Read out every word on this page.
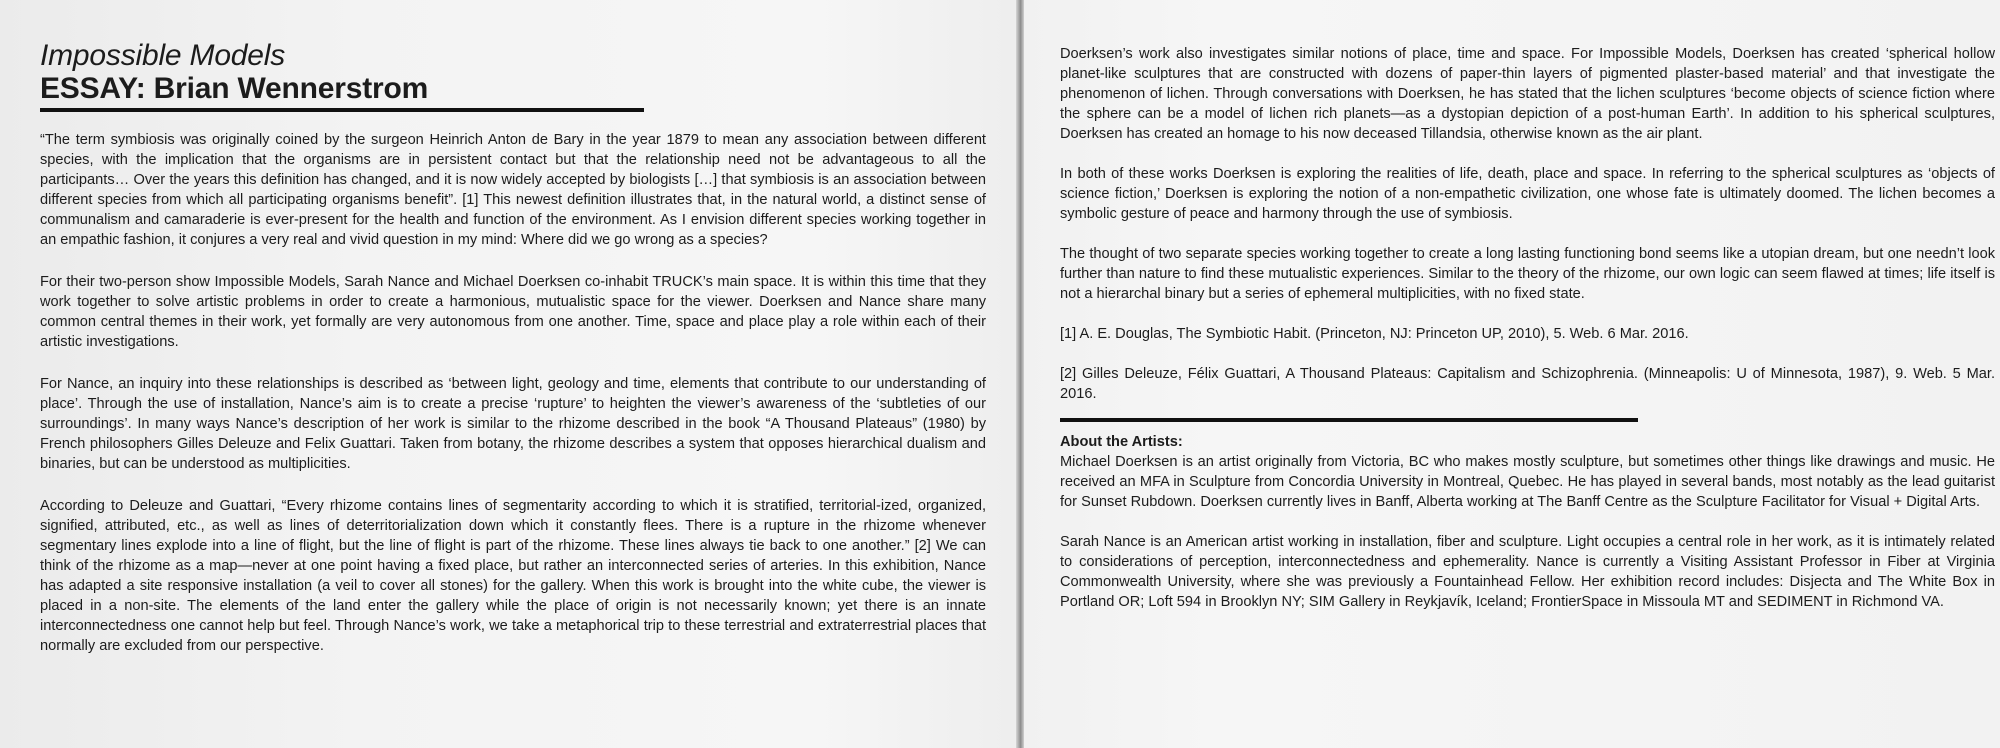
Impossible Models
ESSAY: Brian Wennerstrom

“The term symbiosis was originally coined by the surgeon Heinrich Anton de Bary in the year 1879 to mean any association between different species, with the implication that the organisms are in persistent contact but that the relationship need not be advantageous to all the participants… Over the years this definition has changed, and it is now widely accepted by biologists […] that symbiosis is an association between different species from which all participating organisms benefit”. [1] This newest definition illustrates that, in the natural world, a distinct sense of communalism and camaraderie is ever-present for the health and function of the environment. As I envision different species working together in an empathic fashion, it conjures a very real and vivid question in my mind: Where did we go wrong as a species?

For their two-person show Impossible Models, Sarah Nance and Michael Doerksen co-inhabit TRUCK’s main space. It is within this time that they work together to solve artistic problems in order to create a harmonious, mutualistic space for the viewer. Doerksen and Nance share many common central themes in their work, yet formally are very autonomous from one another. Time, space and place play a role within each of their artistic investigations.

For Nance, an inquiry into these relationships is described as ‘between light, geology and time, elements that contribute to our understanding of place’. Through the use of installation, Nance’s aim is to create a precise ‘rupture’ to heighten the viewer’s awareness of the ‘subtleties of our surroundings’. In many ways Nance’s description of her work is similar to the rhizome described in the book “A Thousand Plateaus” (1980) by French philosophers Gilles Deleuze and Felix Guattari. Taken from botany, the rhizome describes a system that opposes hierarchical dualism and binaries, but can be understood as multiplicities.

According to Deleuze and Guattari, “Every rhizome contains lines of segmentarity according to which it is stratified, territorial-ized, organized, signified, attributed, etc., as well as lines of deterritorialization down which it constantly flees. There is a rupture in the rhizome whenever segmentary lines explode into a line of flight, but the line of flight is part of the rhizome. These lines always tie back to one another.” [2] We can think of the rhizome as a map—never at one point having a fixed place, but rather an interconnected series of arteries. In this exhibition, Nance has adapted a site responsive installation (a veil to cover all stones) for the gallery. When this work is brought into the white cube, the viewer is placed in a non-site. The elements of the land enter the gallery while the place of origin is not necessarily known; yet there is an innate interconnectedness one cannot help but feel. Through Nance’s work, we take a metaphorical trip to these terrestrial and extraterrestrial places that normally are excluded from our perspective.

Doerksen’s work also investigates similar notions of place, time and space. For Impossible Models, Doerksen has created ‘spherical hollow planet-like sculptures that are constructed with dozens of paper-thin layers of pigmented plaster-based material’ and that investigate the phenomenon of lichen. Through conversations with Doerksen, he has stated that the lichen sculptures ‘become objects of science fiction where the sphere can be a model of lichen rich planets—as a dystopian depiction of a post-human Earth’. In addition to his spherical sculptures, Doerksen has created an homage to his now deceased Tillandsia, otherwise known as the air plant.

In both of these works Doerksen is exploring the realities of life, death, place and space. In referring to the spherical sculptures as ‘objects of science fiction,’ Doerksen is exploring the notion of a non-empathetic civilization, one whose fate is ultimately doomed. The lichen becomes a symbolic gesture of peace and harmony through the use of symbiosis.

The thought of two separate species working together to create a long lasting functioning bond seems like a utopian dream, but one needn’t look further than nature to find these mutualistic experiences. Similar to the theory of the rhizome, our own logic can seem flawed at times; life itself is not a hierarchal binary but a series of ephemeral multiplicities, with no fixed state.

[1] A. E. Douglas, The Symbiotic Habit. (Princeton, NJ: Princeton UP, 2010), 5. Web. 6 Mar. 2016.

[2] Gilles Deleuze, Félix Guattari, A Thousand Plateaus: Capitalism and Schizophrenia. (Minneapolis: U of Minnesota, 1987), 9. Web. 5 Mar. 2016.

About the Artists:

Michael Doerksen is an artist originally from Victoria, BC who makes mostly sculpture, but sometimes other things like drawings and music. He received an MFA in Sculpture from Concordia University in Montreal, Quebec. He has played in several bands, most notably as the lead guitarist for Sunset Rubdown. Doerksen currently lives in Banff, Alberta working at The Banff Centre as the Sculpture Facilitator for Visual + Digital Arts.

Sarah Nance is an American artist working in installation, fiber and sculpture. Light occupies a central role in her work, as it is intimately related to considerations of perception, interconnectedness and ephemerality. Nance is currently a Visiting Assistant Professor in Fiber at Virginia Commonwealth University, where she was previously a Fountainhead Fellow. Her exhibition record includes: Disjecta and The White Box in Portland OR; Loft 594 in Brooklyn NY; SIM Gallery in Reykjavík, Iceland; FrontierSpace in Missoula MT and SEDIMENT in Richmond VA.
